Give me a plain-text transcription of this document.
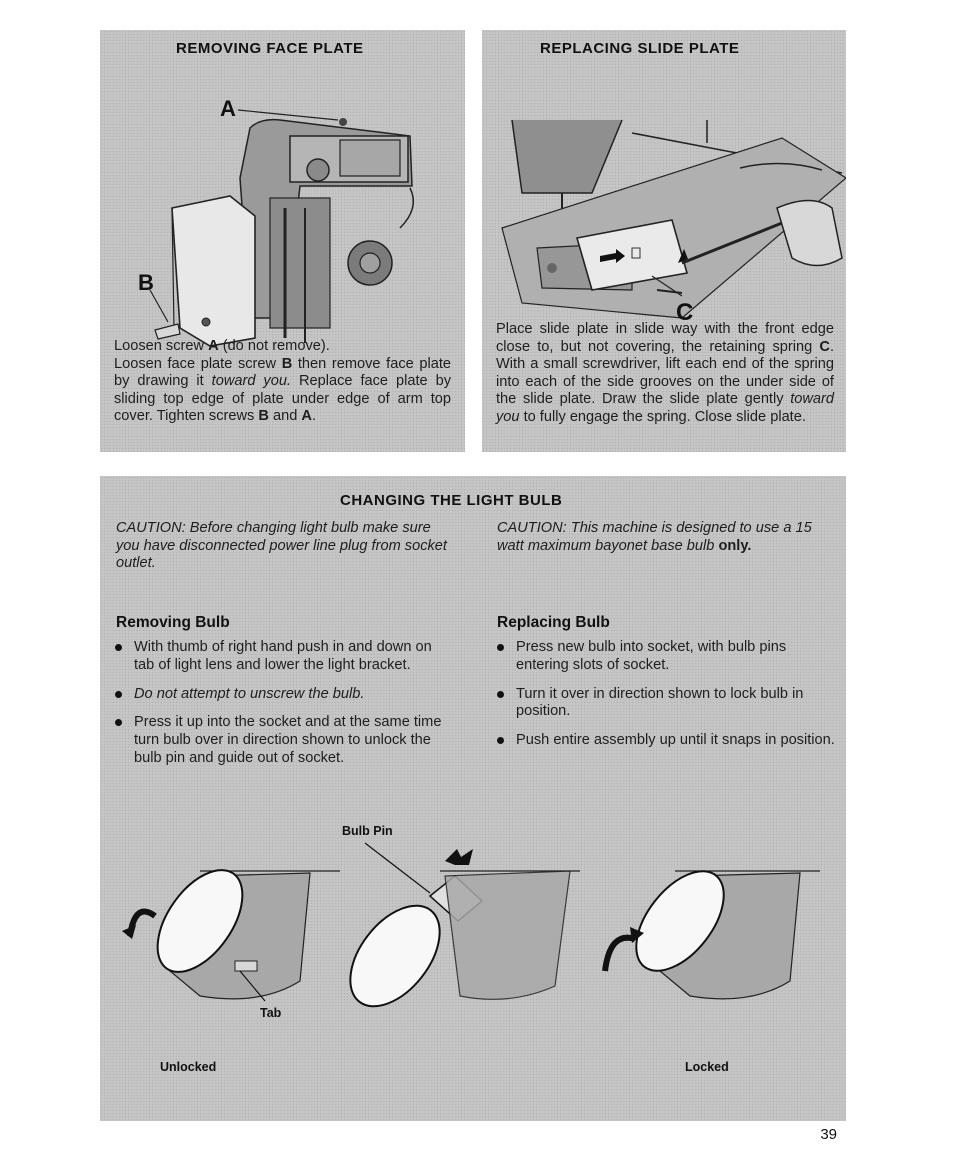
REMOVING FACE PLATE
A
B
Loosen screw A (do not remove).
Loosen face plate screw B then remove face plate by drawing it toward you. Replace face plate by sliding top edge of plate under edge of arm top cover. Tighten screws B and A.
REPLACING SLIDE PLATE
C
Place slide plate in slide way with the front edge close to, but not covering, the retaining spring C. With a small screwdriver, lift each end of the spring into each of the side grooves on the under side of the slide plate. Draw the slide plate gently toward you to fully engage the spring. Close slide plate.
CHANGING THE LIGHT BULB
CAUTION: Before changing light bulb make sure you have disconnected power line plug from socket outlet.
CAUTION: This machine is designed to use a 15 watt maximum bayonet base bulb only.
Removing Bulb
With thumb of right hand push in and down on tab of light lens and lower the light bracket.
Do not attempt to unscrew the bulb.
Press it up into the socket and at the same time turn bulb over in direction shown to unlock the bulb pin and guide out of socket.
Replacing Bulb
Press new bulb into socket, with bulb pins entering slots of socket.
Turn it over in direction shown to lock bulb in position.
Push entire assembly up until it snaps in position.
Bulb Pin
Tab
Unlocked	Locked
39
